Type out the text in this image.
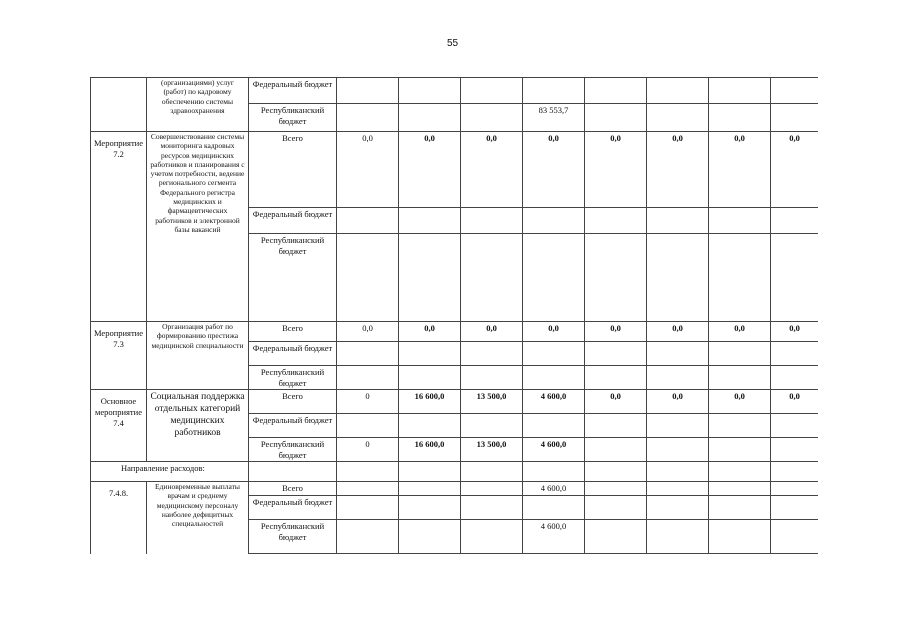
55
	(организациями) услуг (работ) по кадровому обеспечению системы здравоохранения	Федеральный бюджет								
		Республиканский бюджет				83 553,7				
Мероприятие 7.2	Совершенствование системы мониторинга кадровых ресурсов медицинских работников и планирования с учетом потребности, ведение регионального сегмента Федерального регистра медицинских и фармацевтических работников и электронной базы вакансий	Всего	0,0	0,0	0,0	0,0	0,0	0,0	0,0	0,0
		Федеральный бюджет								
		Республиканский бюджет								
Мероприятие 7.3	Организация работ по формированию престижа медицинской специальности	Всего	0,0	0,0	0,0	0,0	0,0	0,0	0,0	0,0
		Федеральный бюджет								
		Республиканский бюджет								
Основное мероприятие 7.4	Социальная поддержка отдельных категорий медицинских работников	Всего	0	16 600,0	13 500,0	4 600,0	0,0	0,0	0,0	0,0
		Федеральный бюджет								
		Республиканский бюджет	0	16 600,0	13 500,0	4 600,0				
Направление расходов:										
7.4.8.	Единовременные выплаты врачам и среднему медицинскому персоналу наиболее дефицитных специальностей	Всего				4 600,0				
		Федеральный бюджет								
		Республиканский бюджет				4 600,0				
